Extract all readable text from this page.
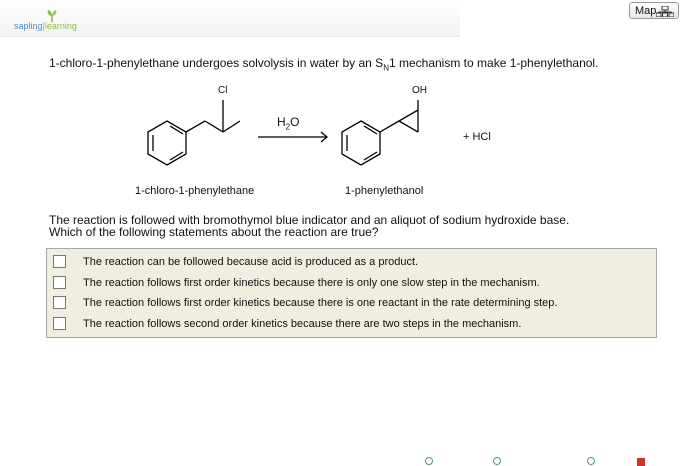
sapling|learning
Map
1-chloro-1-phenylethane undergoes solvolysis in water by an $S_N1$ mechanism to make 1-phenylethanol.
Cl	OH
$H_2O$
+ HCl
1-chloro-1-phenylethane	1-phenylethanol
The reaction is followed with bromothymol blue indicator and an aliquot of sodium hydroxide base.
Which of the following statements about the reaction are true?
The reaction can be followed because acid is produced as a product.
The reaction follows first order kinetics because there is only one slow step in the mechanism.
The reaction follows first order kinetics because there is one reactant in the rate determining step.
The reaction follows second order kinetics because there are two steps in the mechanism.
